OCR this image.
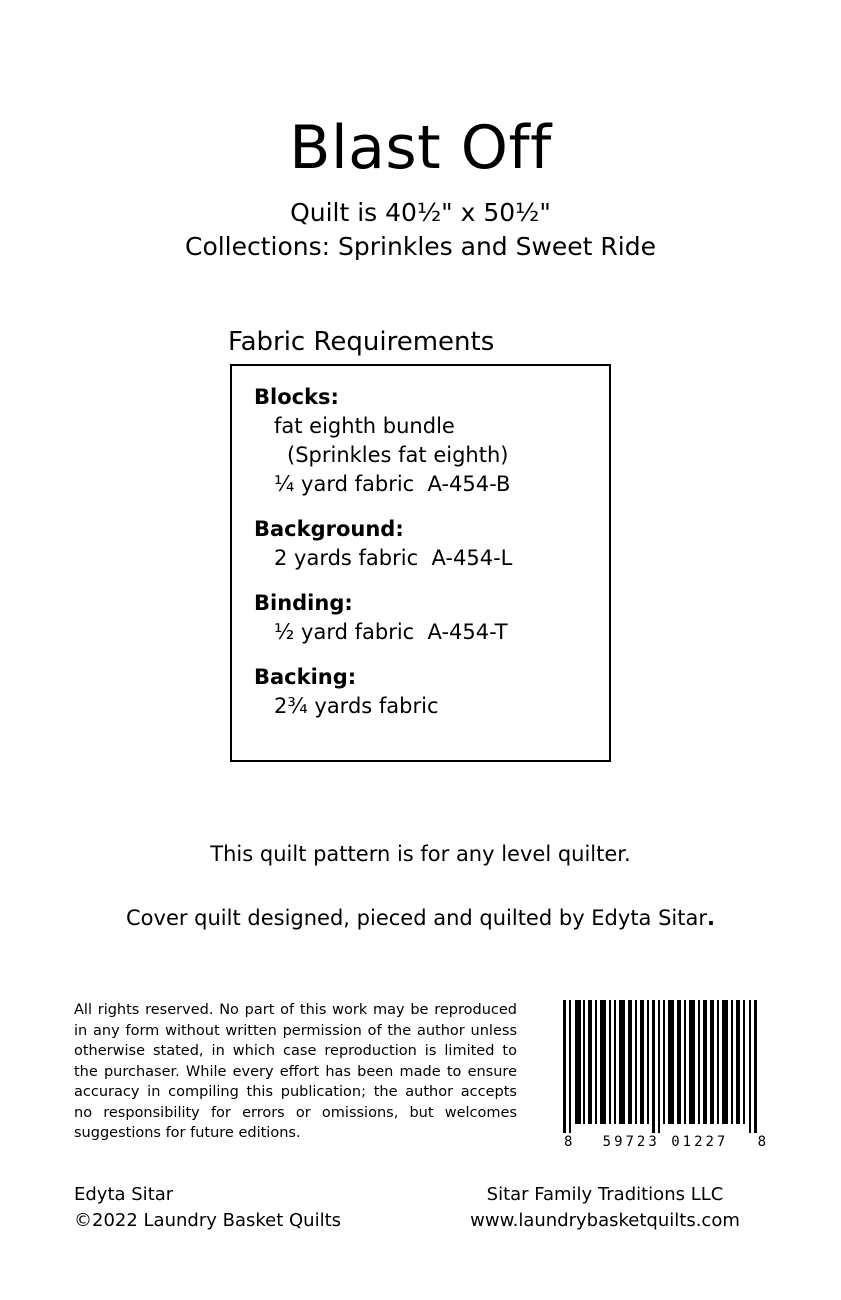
Blast Off
Quilt is 40½" x 50½"
Collections: Sprinkles and Sweet Ride
Fabric Requirements
Blocks:
fat eighth bundle
(Sprinkles fat eighth)
¼ yard fabric  A-454-B
Background:
2 yards fabric  A-454-L
Binding:
½ yard fabric  A-454-T
Backing:
2¾ yards fabric
This quilt pattern is for any level quilter.
Cover quilt designed, pieced and quilted by Edyta Sitar.
All rights reserved. No part of this work may be reproduced in any form without written permission of the author unless otherwise stated, in which case reproduction is limited to the purchaser. While every effort has been made to ensure accuracy in compiling this publication; the author accepts no responsibility for errors or omissions, but welcomes suggestions for future editions.
8 59723 01227 8
Edyta Sitar
©2022 Laundry Basket Quilts
Sitar Family Traditions LLC
www.laundrybasketquilts.com
